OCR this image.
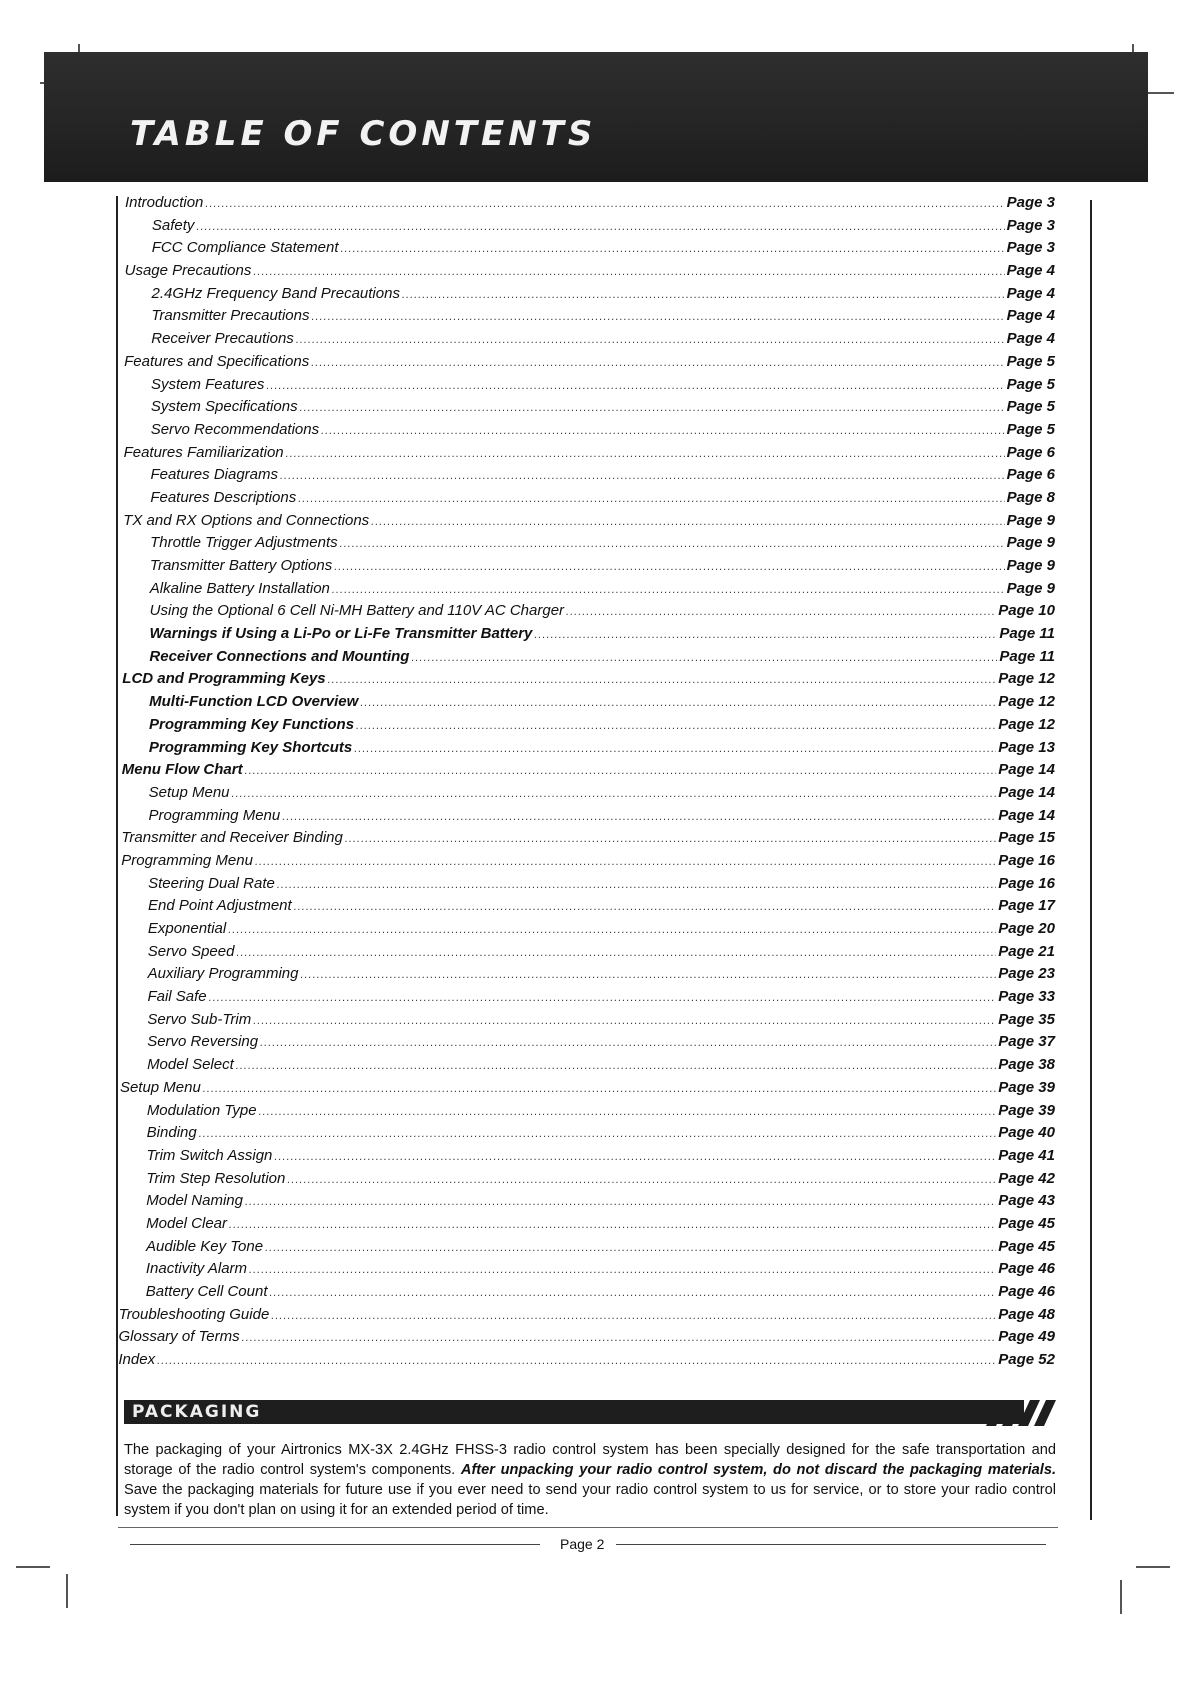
TABLE OF CONTENTS
Introduction .....	Page 3
Safety .....	Page 3
FCC Compliance Statement .....	Page 3
Usage Precautions .....	Page 4
2.4GHz Frequency Band Precautions .....	Page 4
Transmitter Precautions .....	Page 4
Receiver Precautions .....	Page 4
Features and Specifications .....	Page 5
System Features .....	Page 5
System Specifications .....	Page 5
Servo Recommendations .....	Page 5
Features Familiarization .....	Page 6
Features Diagrams .....	Page 6
Features Descriptions .....	Page 8
TX and RX Options and Connections .....	Page 9
Throttle Trigger Adjustments .....	Page 9
Transmitter Battery Options .....	Page 9
Alkaline Battery Installation .....	Page 9
Using the Optional 6 Cell Ni-MH Battery and 110V AC Charger .....	Page 10
Warnings if Using a Li-Po or Li-Fe Transmitter Battery .....	Page 11
Receiver Connections and Mounting .....	Page 11
LCD and Programming Keys .....	Page 12
Multi-Function LCD Overview .....	Page 12
Programming Key Functions .....	Page 12
Programming Key Shortcuts .....	Page 13
Menu Flow Chart .....	Page 14
Setup Menu .....	Page 14
Programming Menu .....	Page 14
Transmitter and Receiver Binding .....	Page 15
Programming Menu .....	Page 16
Steering Dual Rate .....	Page 16
End Point Adjustment .....	Page 17
Exponential .....	Page 20
Servo Speed .....	Page 21
Auxiliary Programming .....	Page 23
Fail Safe .....	Page 33
Servo Sub-Trim .....	Page 35
Servo Reversing .....	Page 37
Model Select .....	Page 38
Setup Menu .....	Page 39
Modulation Type .....	Page 39
Binding .....	Page 40
Trim Switch Assign .....	Page 41
Trim Step Resolution .....	Page 42
Model Naming .....	Page 43
Model Clear .....	Page 45
Audible Key Tone .....	Page 45
Inactivity Alarm .....	Page 46
Battery Cell Count .....	Page 46
Troubleshooting Guide .....	Page 48
Glossary of Terms .....	Page 49
Index .....	Page 52
PACKAGING
The packaging of your Airtronics MX-3X 2.4GHz FHSS-3 radio control system has been specially designed for the safe transportation and storage of the radio control system's components. After unpacking your radio control system, do not discard the packaging materials. Save the packaging materials for future use if you ever need to send your radio control system to us for service, or to store your radio control system if you don't plan on using it for an extended period of time.
Page 2
